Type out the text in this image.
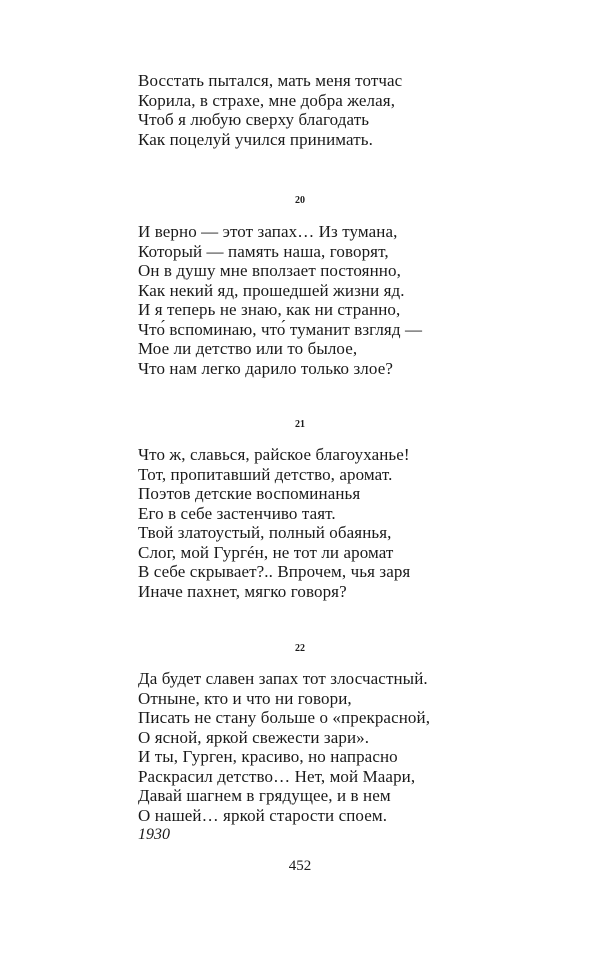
Восстать пытался, мать меня тотчас
Корила, в страхе, мне добра желая,
Чтоб я любую сверху благодать
Как поцелуй учился принимать.
20
И верно — этот запах… Из тумана,
Который — память наша, говорят,
Он в душу мне вползает постоянно,
Как некий яд, прошедшей жизни яд.
И я теперь не знаю, как ни странно,
Что́ вспоминаю, что́ туманит взгляд —
Мое ли детство или то былое,
Что нам легко дарило только злое?
21
Что ж, славься, райское благоуханье!
Тот, пропитавший детство, аромат.
Поэтов детские воспоминанья
Его в себе застенчиво таят.
Твой златоустый, полный обаянья,
Слог, мой Гургéн, не тот ли аромат
В себе скрывает?.. Впрочем, чья заря
Иначе пахнет, мягко говоря?
22
Да будет славен запах тот злосчастный.
Отныне, кто и что ни говори,
Писать не стану больше о «прекрасной,
О ясной, яркой свежести зари».
И ты, Гурген, красиво, но напрасно
Раскрасил детство… Нет, мой Маари,
Давай шагнем в грядущее, и в нем
О нашей… яркой старости споем.
1930
452
